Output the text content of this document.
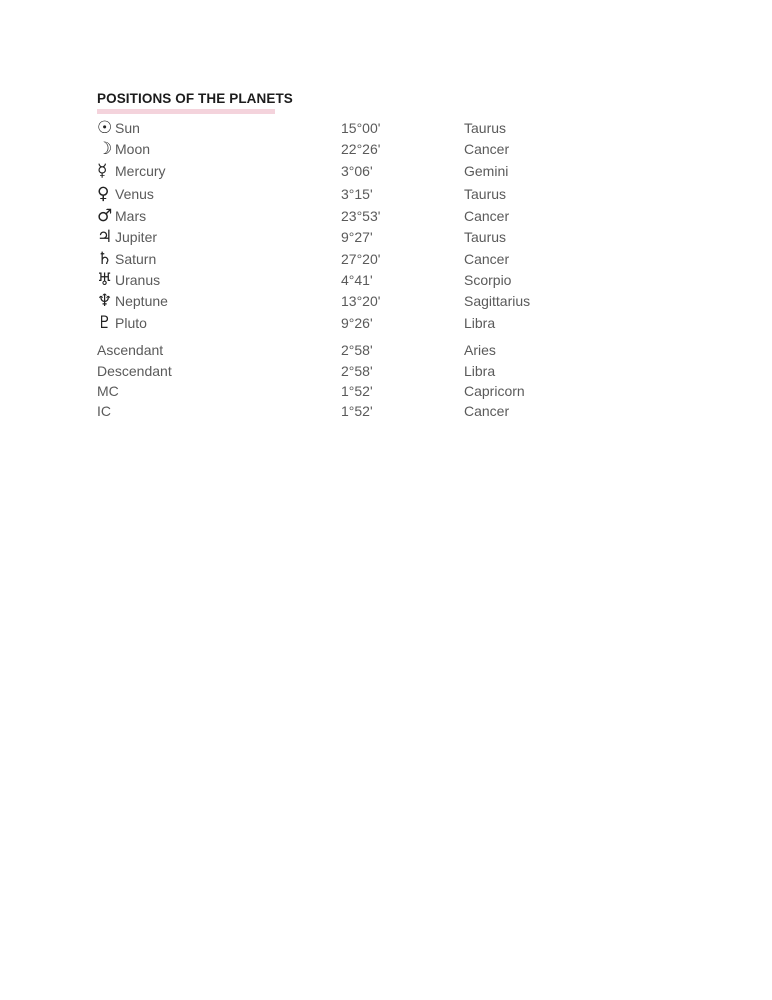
POSITIONS OF THE PLANETS
☉ Sun	15°00'	Taurus
☽ Moon	22°26'	Cancer
☿ Mercury	3°06'	Gemini
♀ Venus	3°15'	Taurus
♂ Mars	23°53'	Cancer
♃ Jupiter	9°27'	Taurus
♄ Saturn	27°20'	Cancer
♅ Uranus	4°41'	Scorpio
♆ Neptune	13°20'	Sagittarius
♇ Pluto	9°26'	Libra
Ascendant	2°58'	Aries
Descendant	2°58'	Libra
MC	1°52'	Capricorn
IC	1°52'	Cancer
